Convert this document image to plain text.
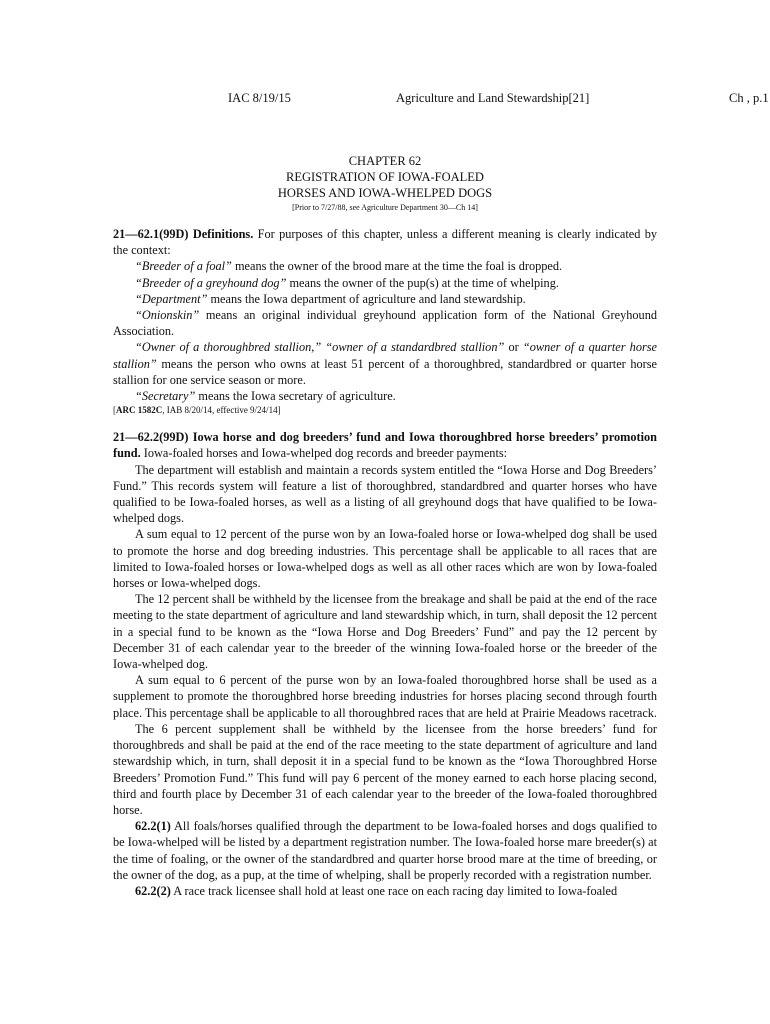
IAC 8/19/15	Agriculture and Land Stewardship[21]	Ch , p.1
CHAPTER 62
REGISTRATION OF IOWA-FOALED
HORSES AND IOWA-WHELPED DOGS
[Prior to 7/27/88, see Agriculture Department 30—Ch 14]

21—62.1(99D) Definitions. For purposes of this chapter, unless a different meaning is clearly indicated by the context:

“Breeder of a foal” means the owner of the brood mare at the time the foal is dropped.

“Breeder of a greyhound dog” means the owner of the pup(s) at the time of whelping.

“Department” means the Iowa department of agriculture and land stewardship.

“Onionskin” means an original individual greyhound application form of the National Greyhound Association.

“Owner of a thoroughbred stallion,” “owner of a standardbred stallion” or “owner of a quarter horse stallion” means the person who owns at least 51 percent of a thoroughbred, standardbred or quarter horse stallion for one service season or more.

“Secretary” means the Iowa secretary of agriculture.

[ARC 1582C, IAB 8/20/14, effective 9/24/14]

21—62.2(99D) Iowa horse and dog breeders’ fund and Iowa thoroughbred horse breeders’ promotion fund. Iowa-foaled horses and Iowa-whelped dog records and breeder payments:

The department will establish and maintain a records system entitled the “Iowa Horse and Dog Breeders’ Fund.” This records system will feature a list of thoroughbred, standardbred and quarter horses who have qualified to be Iowa-foaled horses, as well as a listing of all greyhound dogs that have qualified to be Iowa-whelped dogs.

A sum equal to 12 percent of the purse won by an Iowa-foaled horse or Iowa-whelped dog shall be used to promote the horse and dog breeding industries. This percentage shall be applicable to all races that are limited to Iowa-foaled horses or Iowa-whelped dogs as well as all other races which are won by Iowa-foaled horses or Iowa-whelped dogs.

The 12 percent shall be withheld by the licensee from the breakage and shall be paid at the end of the race meeting to the state department of agriculture and land stewardship which, in turn, shall deposit the 12 percent in a special fund to be known as the “Iowa Horse and Dog Breeders’ Fund” and pay the 12 percent by December 31 of each calendar year to the breeder of the winning Iowa-foaled horse or the breeder of the Iowa-whelped dog.

A sum equal to 6 percent of the purse won by an Iowa-foaled thoroughbred horse shall be used as a supplement to promote the thoroughbred horse breeding industries for horses placing second through fourth place. This percentage shall be applicable to all thoroughbred races that are held at Prairie Meadows racetrack.

The 6 percent supplement shall be withheld by the licensee from the horse breeders’ fund for thoroughbreds and shall be paid at the end of the race meeting to the state department of agriculture and land stewardship which, in turn, shall deposit it in a special fund to be known as the “Iowa Thoroughbred Horse Breeders’ Promotion Fund.” This fund will pay 6 percent of the money earned to each horse placing second, third and fourth place by December 31 of each calendar year to the breeder of the Iowa-foaled thoroughbred horse.

62.2(1) All foals/horses qualified through the department to be Iowa-foaled horses and dogs qualified to be Iowa-whelped will be listed by a department registration number. The Iowa-foaled horse mare breeder(s) at the time of foaling, or the owner of the standardbred and quarter horse brood mare at the time of breeding, or the owner of the dog, as a pup, at the time of whelping, shall be properly recorded with a registration number.

62.2(2) A race track licensee shall hold at least one race on each racing day limited to Iowa-foaled
